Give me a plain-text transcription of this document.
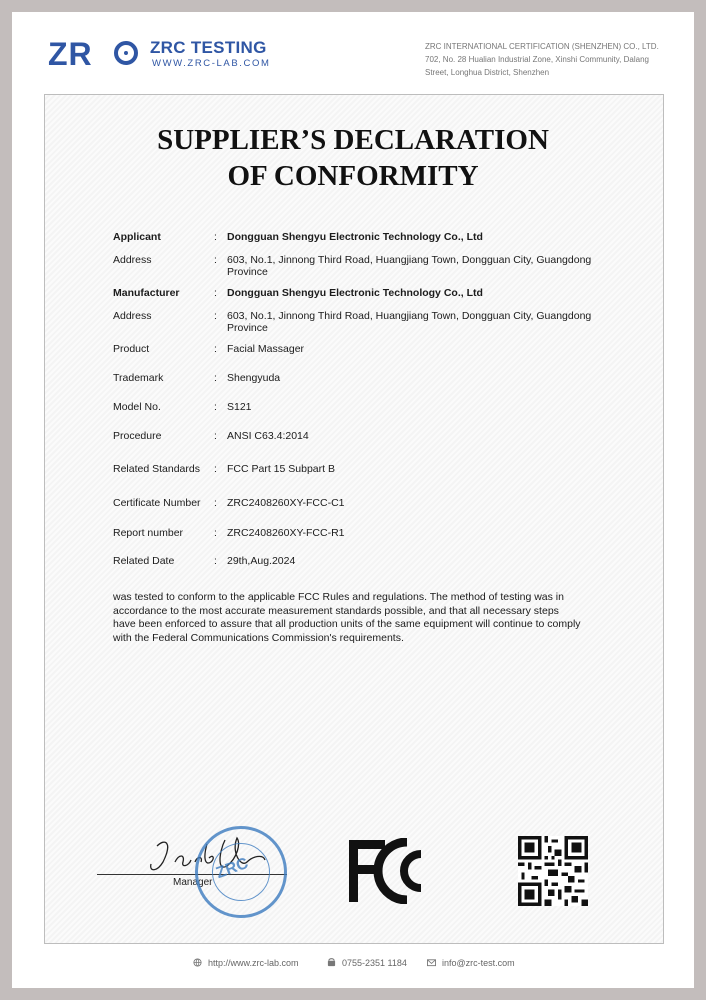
ZR	ZRC TESTING
WWW.ZRC-LAB.COM
ZRC INTERNATIONAL CERTIFICATION (SHENZHEN) CO., LTD.
702, No. 28 Hualian Industrial Zone, Xinshi Community, Dalang
Street, Longhua District, Shenzhen
SUPPLIER’S DECLARATION
OF CONFORMITY
Applicant	: Dongguan Shengyu Electronic Technology Co., Ltd
Address	: 603, No.1, Jinnong Third Road, Huangjiang Town, Dongguan City, Guangdong Province
Manufacturer	: Dongguan Shengyu Electronic Technology Co., Ltd
Address	: 603, No.1, Jinnong Third Road, Huangjiang Town, Dongguan City, Guangdong Province
Product	: Facial Massager
Trademark	: Shengyuda
Model No.	: S121
Procedure	: ANSI C63.4:2014
Related Standards : FCC Part 15 Subpart B
Certificate Number : ZRC2408260XY-FCC-C1
Report number	: ZRC2408260XY-FCC-R1
Related Date	: 29th,Aug.2024
was tested to conform to the applicable FCC Rules and regulations. The method of testing was in accordance to the most accurate measurement standards possible, and that all necessary steps have been enforced to assure that all production units of the same equipment will continue to comply with the Federal Communications Commission's requirements.
Manager
ZRC
http://www.zrc-lab.com	0755-2351 1184	info@zrc-test.com
